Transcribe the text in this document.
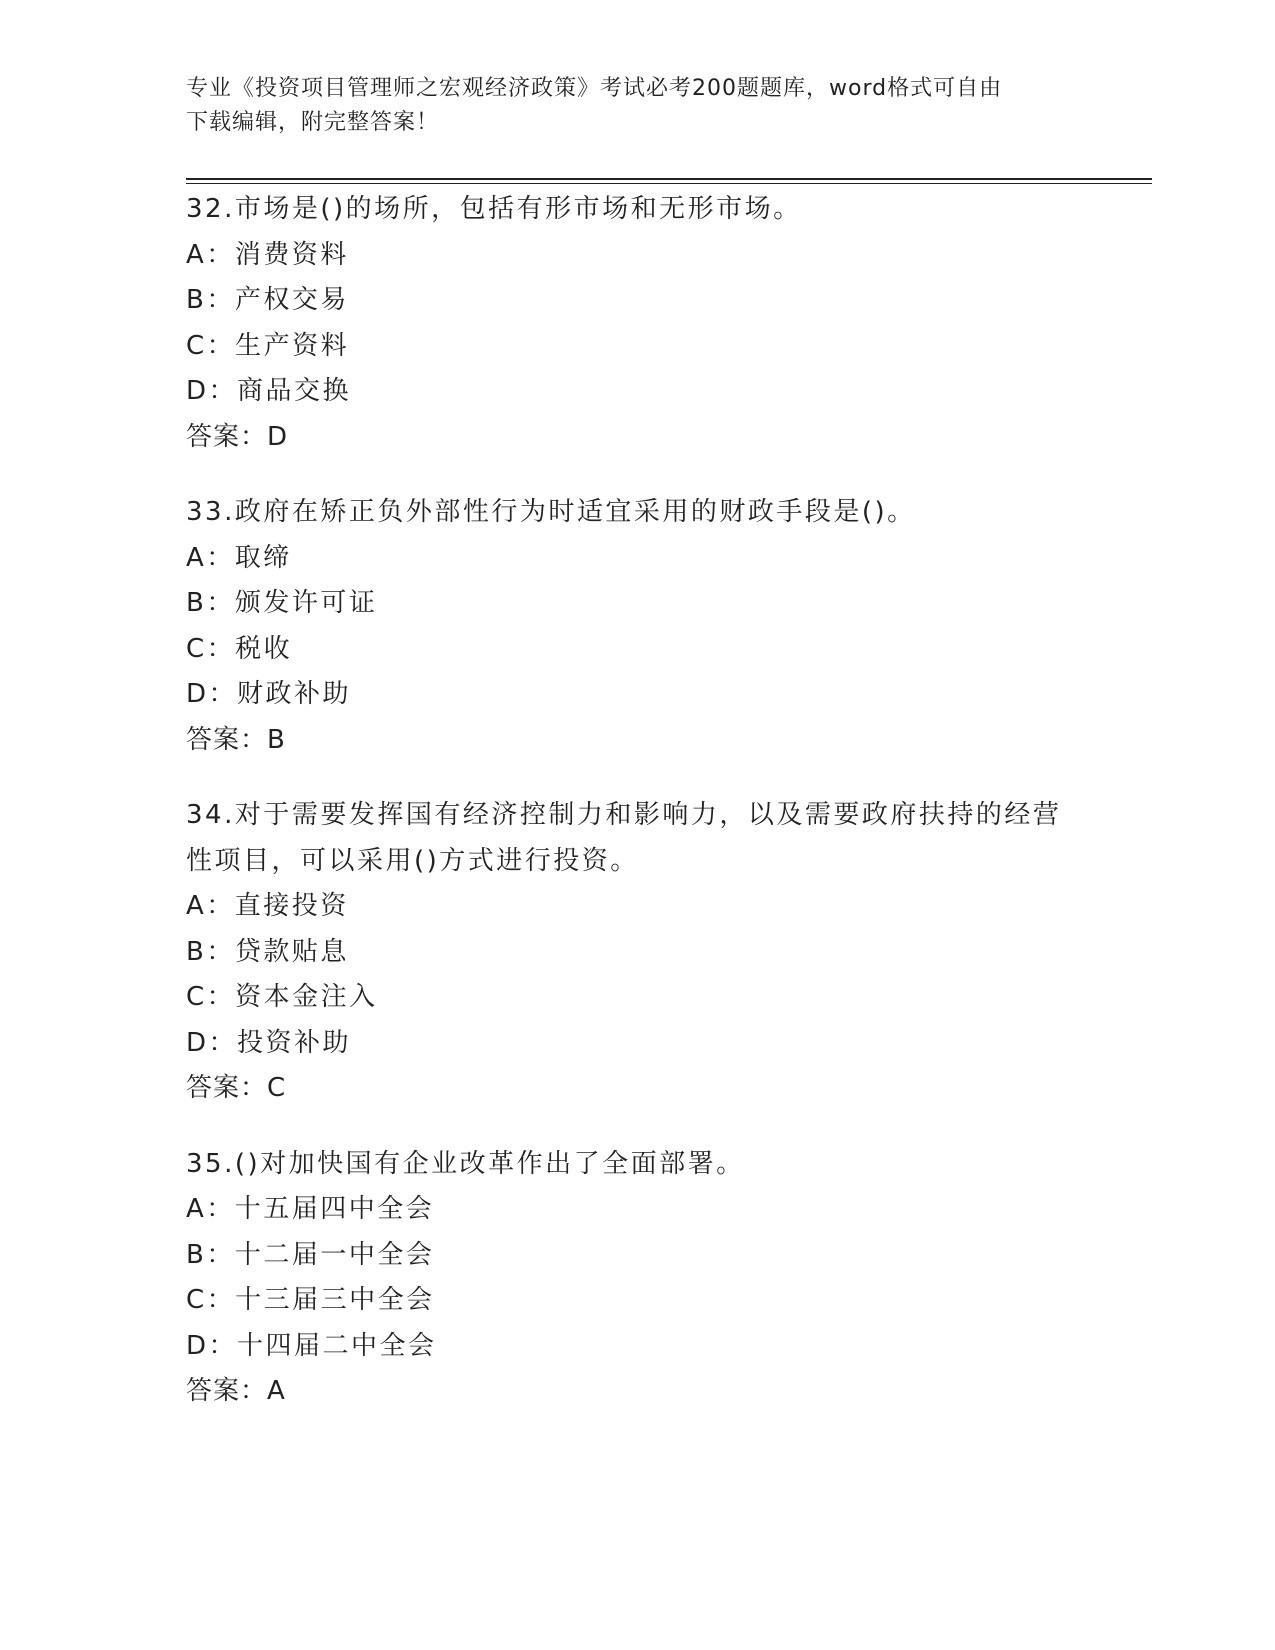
专业《投资项目管理师之宏观经济政策》考试必考200题题库，word格式可自由
下载编辑，附完整答案！
32.市场是()的场所，包括有形市场和无形市场。
A：消费资料
B：产权交易
C：生产资料
D：商品交换
答案：D
33.政府在矫正负外部性行为时适宜采用的财政手段是()。
A：取缔
B：颁发许可证
C：税收
D：财政补助
答案：B
34.对于需要发挥国有经济控制力和影响力，以及需要政府扶持的经营性项目，可以采用()方式进行投资。
A：直接投资
B：贷款贴息
C：资本金注入
D：投资补助
答案：C
35.()对加快国有企业改革作出了全面部署。
A：十五届四中全会
B：十二届一中全会
C：十三届三中全会
D：十四届二中全会
答案：A
